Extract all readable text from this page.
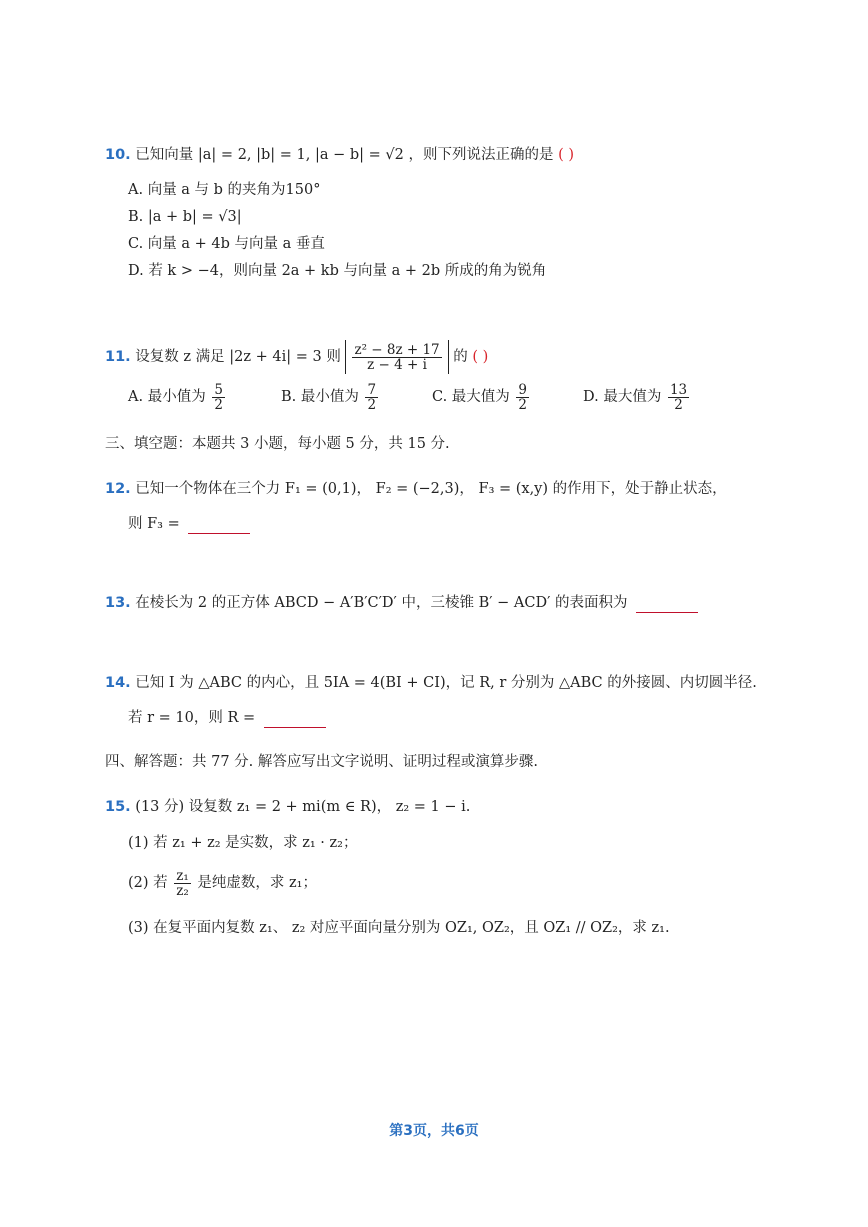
10. 已知向量 |a| = 2, |b| = 1, |a − b| = √2 ，则下列说法正确的是 ( )
A. 向量 a 与 b 的夹角为150°
B. |a + b| = √3|
C. 向量 a + 4b 与向量 a 垂直
D. 若 k > −4，则向量 2a + kb 与向量 a + 2b 所成的角为锐角
11. 设复数 z 满足 |2z + 4i| = 3 则 $\frac{\text{z² − 8z + 17}}{z - 4 + i}$ 的 ( )
A. 最小值为 $\frac{5}{2}$	B. 最小值为 $\frac{7}{2}$	C. 最大值为 $\frac{9}{2}$	D. 最大值为 $\frac{13}{2}$
三、填空题：本题共 3 小题，每小题 5 分，共 15 分.
12. 已知一个物体在三个力 F₁ = (0,1)， F₂ = (−2,3)， F₃ = (x,y) 的作用下，处于静止状态，
则 F₃ =
13. 在棱长为 2 的正方体 ABCD − A′B′C′D′ 中，三棱锥 B′ − ACD′ 的表面积为
14. 已知 I 为 △ABC 的内心，且 5IA = 4(BI + CI)，记 R, r 分别为 △ABC 的外接圆、内切圆半径.
若 r = 10，则 R =
四、解答题：共 77 分. 解答应写出文字说明、证明过程或演算步骤.
15. (13 分) 设复数 z₁ = 2 + mi(m ∈ R)， z₂ = 1 − i.
(1) 若 z₁ + z₂ 是实数，求 z₁ · z₂；
(2) 若 $\frac{\text{z₁}}{\text{z₂}}$ 是纯虚数，求 z₁；
(3) 在复平面内复数 z₁、 z₂ 对应平面向量分别为 OZ₁, OZ₂，且 OZ₁ // OZ₂，求 z₁.
第3页，共6页
